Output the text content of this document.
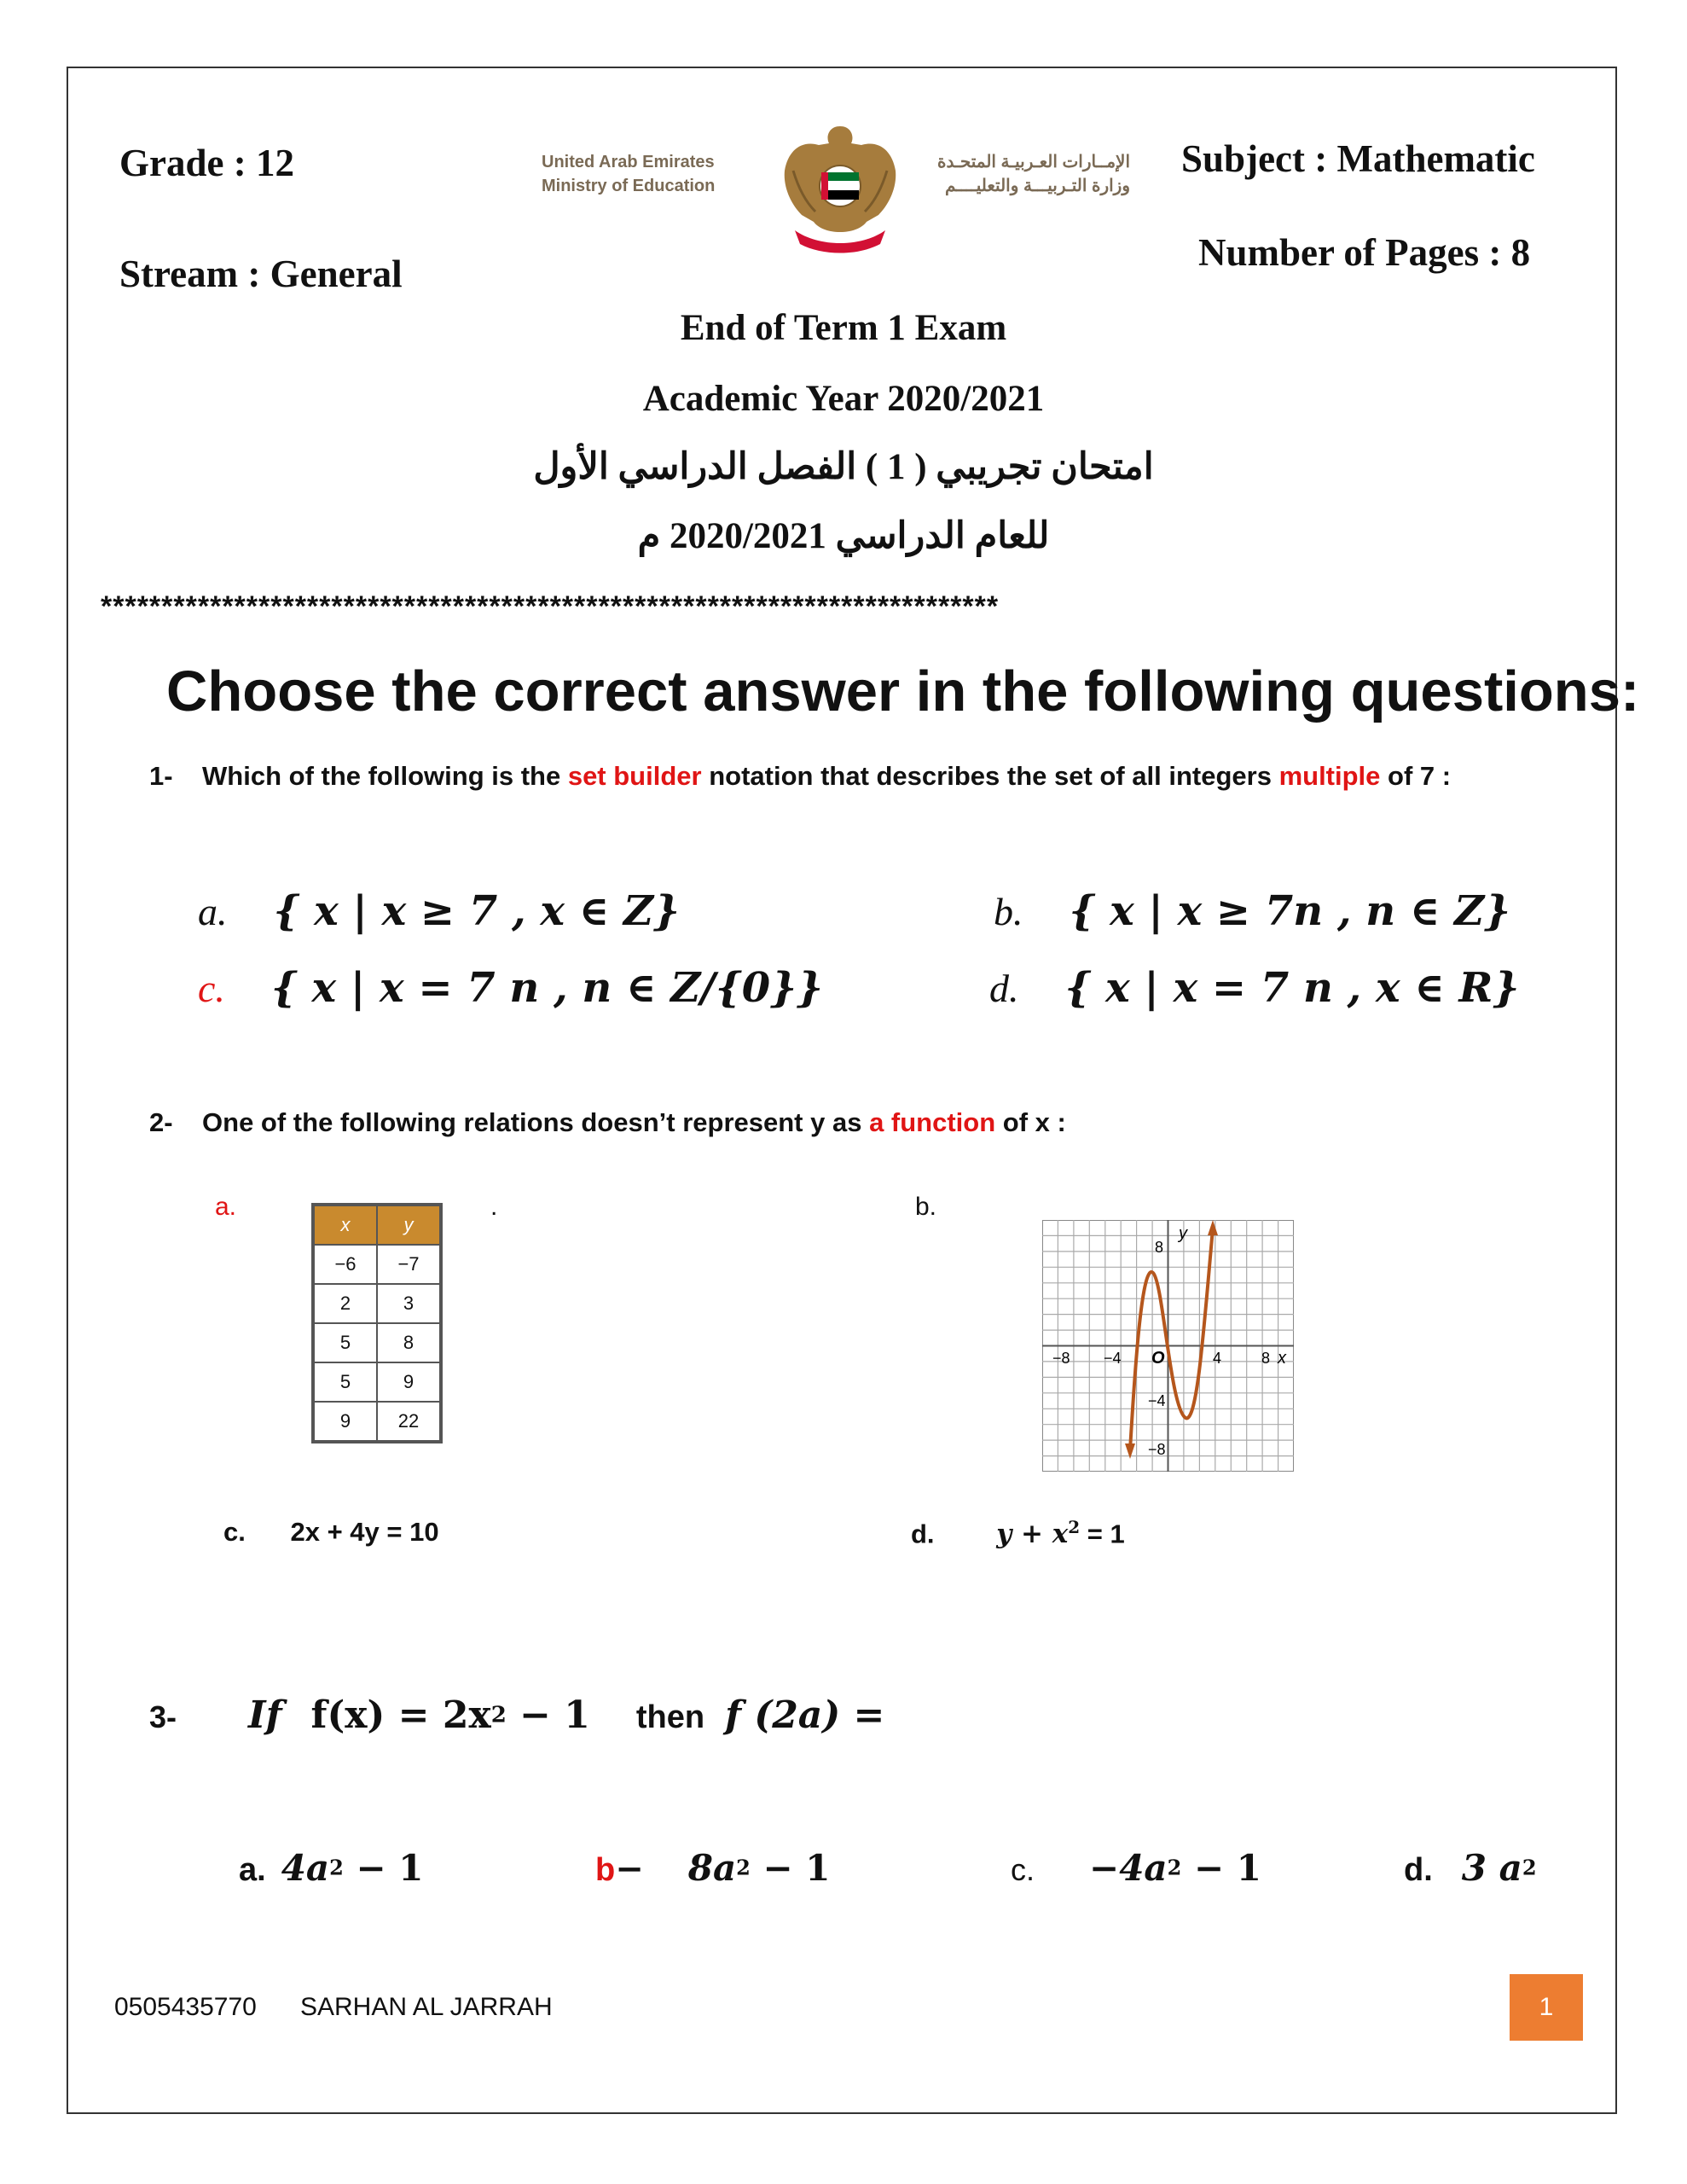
Grade : 12
Stream : General
Subject : Mathematic
Number of Pages : 8
United Arab Emirates
Ministry of Education
الإمــارات العـربيـة المتحـدة
وزارة التـربيـــة والتعليــــم
End of Term 1 Exam
Academic Year 2020/2021
امتحان تجريبي ( 1 ) الفصل الدراسي الأول
للعام الدراسي 2020/2021 م
**************************************************************************
Choose the correct answer in the following questions:
1- Which of the following is the set builder notation that describes the set of all integers multiple of 7 :
a. { x | x ≥ 7 , x ∈ Z}	b. { x | x ≥ 7n , n ∈ Z}
c. { x | x = 7 n , n ∈ Z/{0}}	d. { x | x = 7 n , x ∈ R}
2- One of the following relations doesn’t represent y as a function of x :
a.	.
x	y
−6	−7
2	3
5	8
5	9
9	22
b.
y
x
O	8
4
−4
−8
8
−4
−8
c. 2x + 4y = 10	d. $y + x^2 = 1$
3- If $f(x) = 2x^2 - 1$ then f (2a) =
a. $4a^2 - 1$	$b- 8a^2 - 1$	c. $-4a^2 - 1$	d. 3 $a^2$
0505435770 SARHAN AL JARRAH	1
